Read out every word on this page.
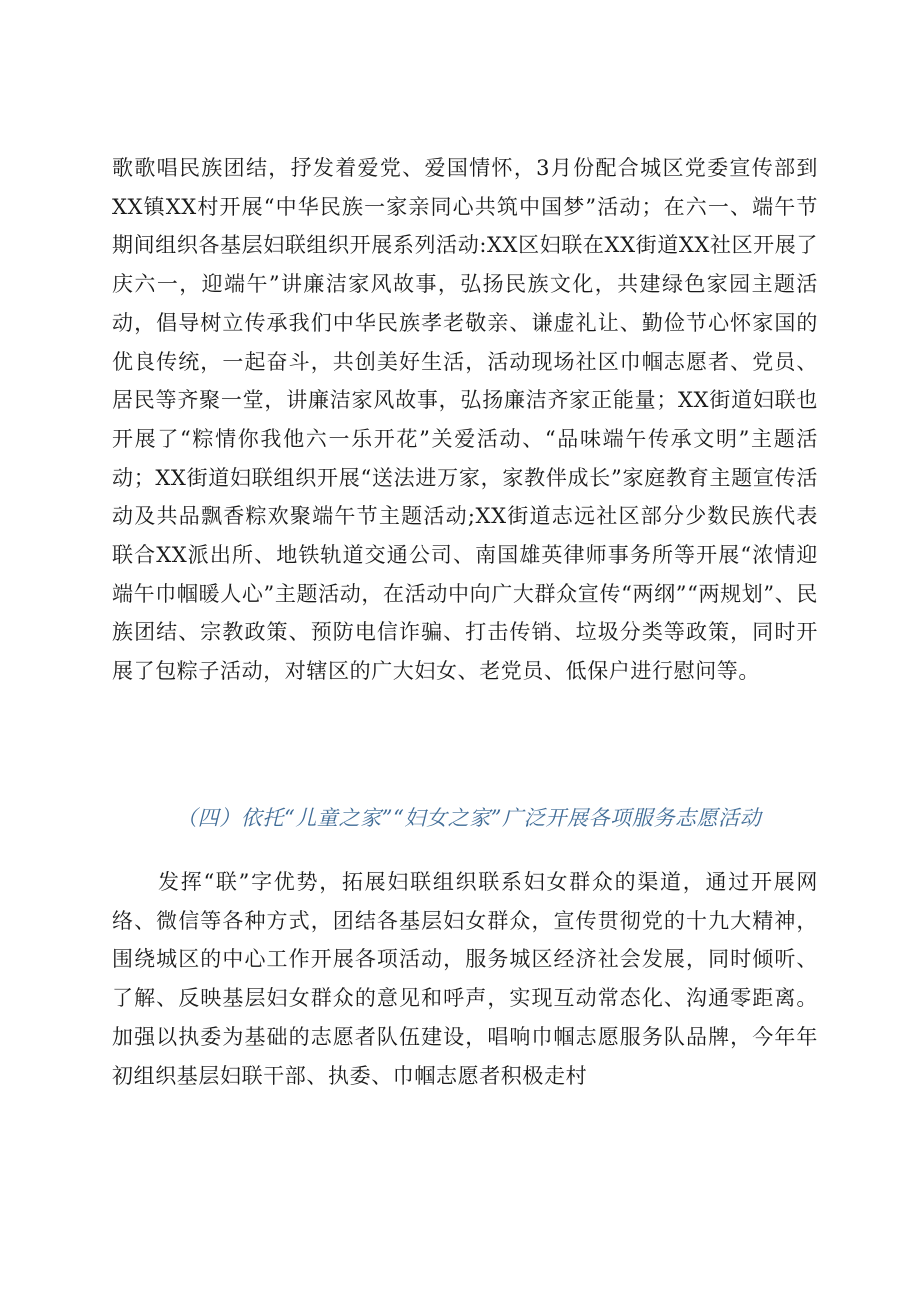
歌歌唱民族团结，抒发着爱党、爱国情怀，3月份配合城区党委宣传部到XX镇XX村开展“中华民族一家亲同心共筑中国梦”活动；在六一、端午节期间组织各基层妇联组织开展系列活动:XX区妇联在XX街道XX社区开展了庆六一，迎端午”讲廉洁家风故事，弘扬民族文化，共建绿色家园主题活动，倡导树立传承我们中华民族孝老敬亲、谦虚礼让、勤俭节心怀家国的优良传统，一起奋斗，共创美好生活，活动现场社区巾帼志愿者、党员、居民等齐聚一堂，讲廉洁家风故事，弘扬廉洁齐家正能量；XX街道妇联也开展了“粽情你我他六一乐开花”关爱活动、“品味端午传承文明”主题活动；XX街道妇联组织开展“送法进万家，家教伴成长”家庭教育主题宣传活动及共品飘香粽欢聚端午节主题活动;XX街道志远社区部分少数民族代表联合XX派出所、地铁轨道交通公司、南国雄英律师事务所等开展“浓情迎端午巾帼暖人心”主题活动，在活动中向广大群众宣传“两纲”“两规划”、民族团结、宗教政策、预防电信诈骗、打击传销、垃圾分类等政策，同时开展了包粽子活动，对辖区的广大妇女、老党员、低保户进行慰问等。
（四）依托“儿童之家”“妇女之家”广泛开展各项服务志愿活动
发挥“联”字优势，拓展妇联组织联系妇女群众的渠道，通过开展网络、微信等各种方式，团结各基层妇女群众，宣传贯彻党的十九大精神，围绕城区的中心工作开展各项活动，服务城区经济社会发展，同时倾听、了解、反映基层妇女群众的意见和呼声，实现互动常态化、沟通零距离。加强以执委为基础的志愿者队伍建设，唱响巾帼志愿服务队品牌，今年年初组织基层妇联干部、执委、巾帼志愿者积极走村
